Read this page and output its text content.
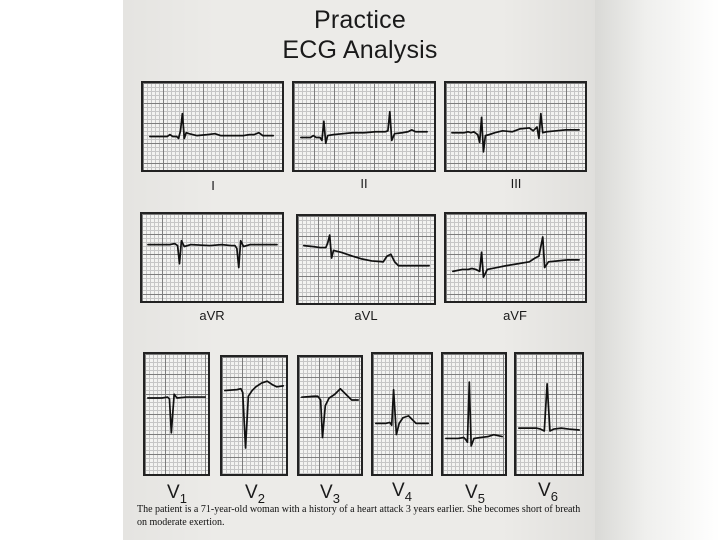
Practice
ECG Analysis
I	II	III
aVR	aVL	aVF
$V_1$	$V_2$	$V_3$	$V_4$	$V_5$	$V_6$
The patient is a 71-year-old woman with a history of a heart attack 3 years earlier. She becomes short of breath on moderate exertion.
